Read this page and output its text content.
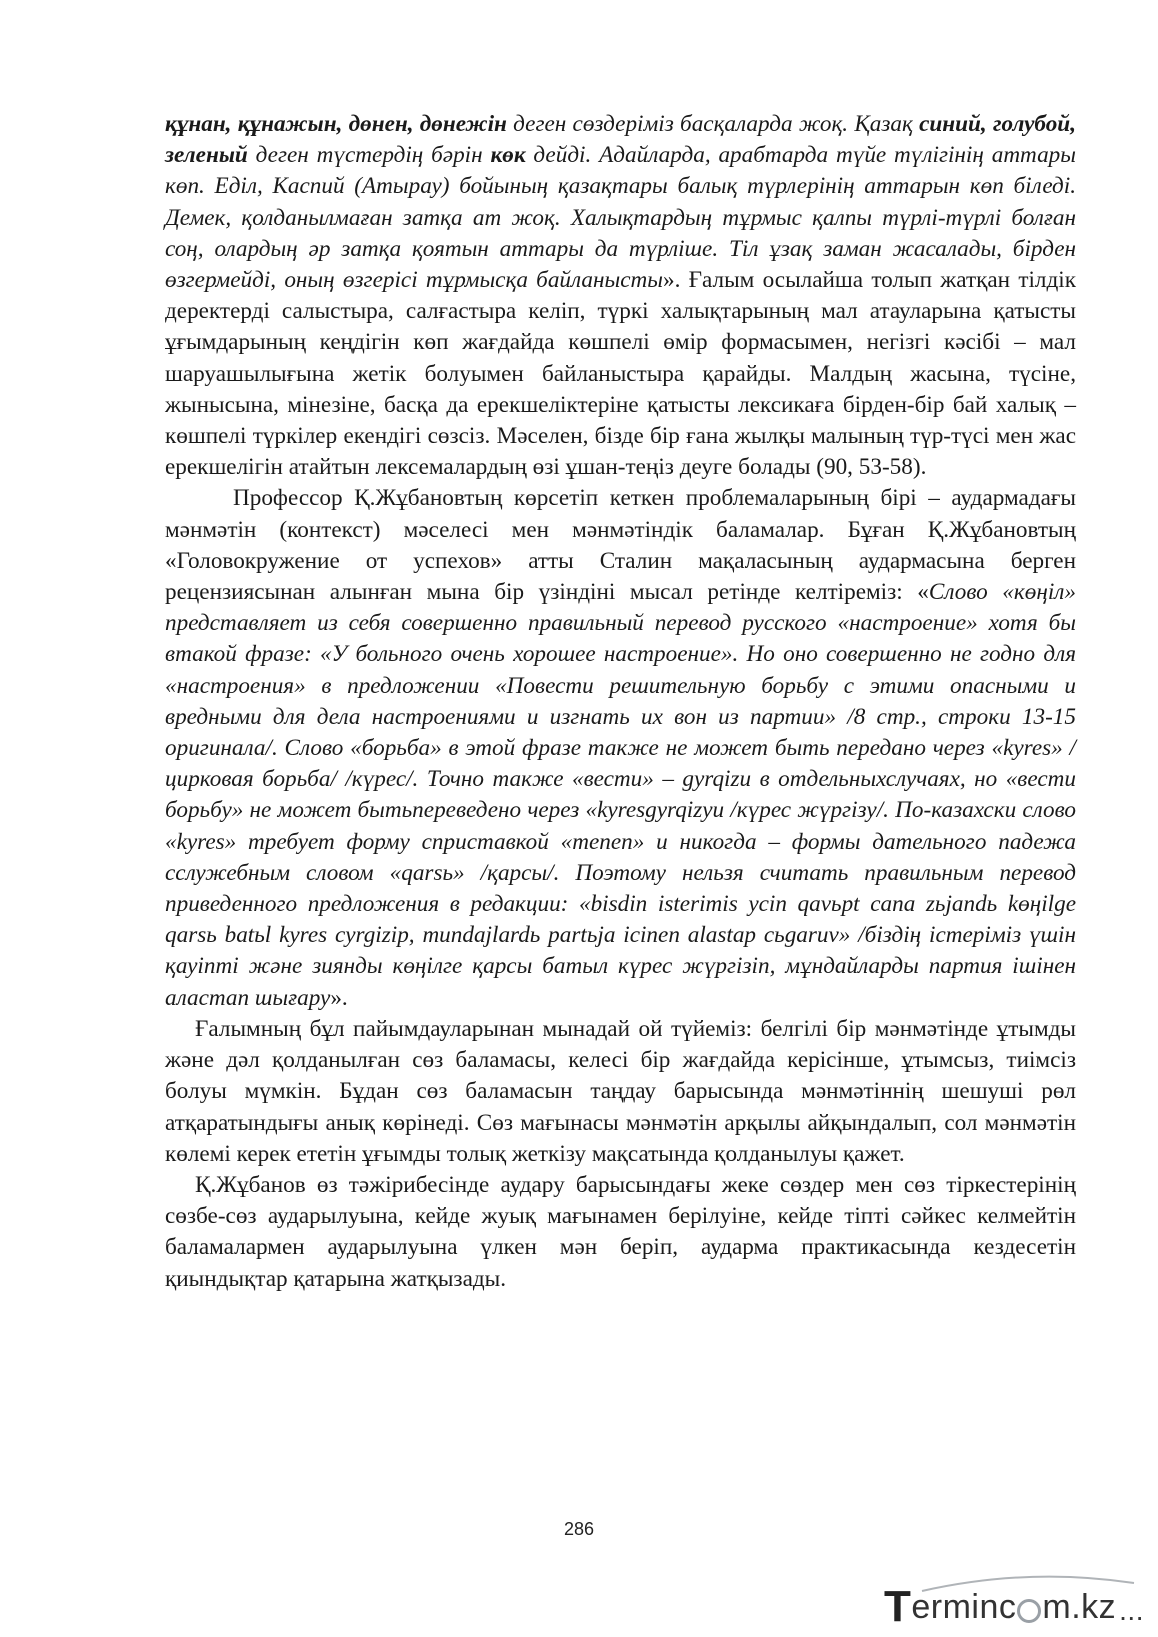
құнан, құнажын, дөнен, дөнежін деген сөздеріміз басқаларда жоқ. Қазақ синий, голубой, зеленый деген түстердің бәрін көк дейді. Адайларда, арабтарда түйе түлігінің аттары көп. Еділ, Каспий (Атырау) бойының қазақтары балық түрлерінің аттарын көп біледі. Демек, қолданылмаған затқа ат жоқ. Халықтардың тұрмыс қалпы түрлі-түрлі болған соң, олардың әр затқа қоятын аттары да түрліше. Тіл ұзақ заман жасалады, бірден өзгермейді, оның өзгерісі тұрмысқа байланысты». Ғалым осылайша толып жатқан тілдік деректерді салыстыра, салғастыра келіп, түркі халықтарының мал атауларына қатысты ұғымдарының кеңдігін көп жағдайда көшпелі өмір формасымен, негізгі кәсібі – мал шаруашылығына жетік болуымен байланыстыра қарайды. Малдың жасына, түсіне, жынысына, мінезіне, басқа да ерекшеліктеріне қатысты лексикаға бірден-бір бай халық – көшпелі түркілер екендігі сөзсіз. Мәселен, бізде бір ғана жылқы малының түр-түсі мен жас ерекшелігін атайтын лексемалардың өзі ұшан-теңіз деуге болады (90, 53-58).

Профессор Қ.Жұбановтың көрсетіп кеткен проблемаларының бірі – аудармадағы мәнмәтін (контекст) мәселесі мен мәнмәтіндік баламалар. Бұған Қ.Жұбановтың «Головокружение от успехов» атты Сталин мақаласының аудармасына берген рецензиясынан алынған мына бір үзіндіні мысал ретінде келтіреміз: «Слово «көңіл» представляет из себя совершенно правильный перевод русского «настроение» хотя бы втакой фразе: «У больного очень хорошее настроение». Но оно совершенно не годно для «настроения» в предложении «Повести решительную борьбу с этими опасными и вредными для дела настроениями и изгнать их вон из партии» /8 стр., строки 13-15 оригинала/. Слово «борьба» в этой фразе также не может быть передано через «kyres» /цирковая борьба/ /күрес/. Точно также «вести» – gyrqizu в отдельныхслучаях, но «вести борьбу» не может бытьпереведено через «kyresgyrqizyu /күрес жүргізу/. По-казахски слово «kyres» требует форму сприставкой «тепеп» и никогда – формы дательного падежа сслужебным словом «qarsь» /қарсы/. Поэтому нельзя считать правильным перевод приведенного предложения в редакции: «bisdin isterimis ycin qavьpt cana zьjandь kөңilge qarsь batьl kyres cyrgizip, mundajlardь partьja icinen alastap сьgaruv» /біздің істеріміз үшін қауіпті және зиянды көңілге қарсы батыл күрес жүргізіп, мұндайларды партия ішінен аластап шығару».

Ғалымның бұл пайымдауларынан мынадай ой түйеміз: белгілі бір мәнмәтінде ұтымды және дәл қолданылған сөз баламасы, келесі бір жағдайда керісінше, ұтымсыз, тиімсіз болуы мүмкін. Бұдан сөз баламасын таңдау барысында мәнмәтіннің шешуші рөл атқаратындығы анық көрінеді. Сөз мағынасы мәнмәтін арқылы айқындалып, сол мәнмәтін көлемі керек ететін ұғымды толық жеткізу мақсатында қолданылуы қажет.

Қ.Жұбанов өз тәжірибесінде аудару барысындағы жеке сөздер мен сөз тіркестерінің сөзбе-сөз аударылуына, кейде жуық мағынамен берілуіне, кейде тіпті сәйкес келмейтін баламалармен аударылуына үлкен мән беріп, аударма практикасында кездесетін қиындықтар қатарына жатқызады.

286
T ermin c m.kz ...
